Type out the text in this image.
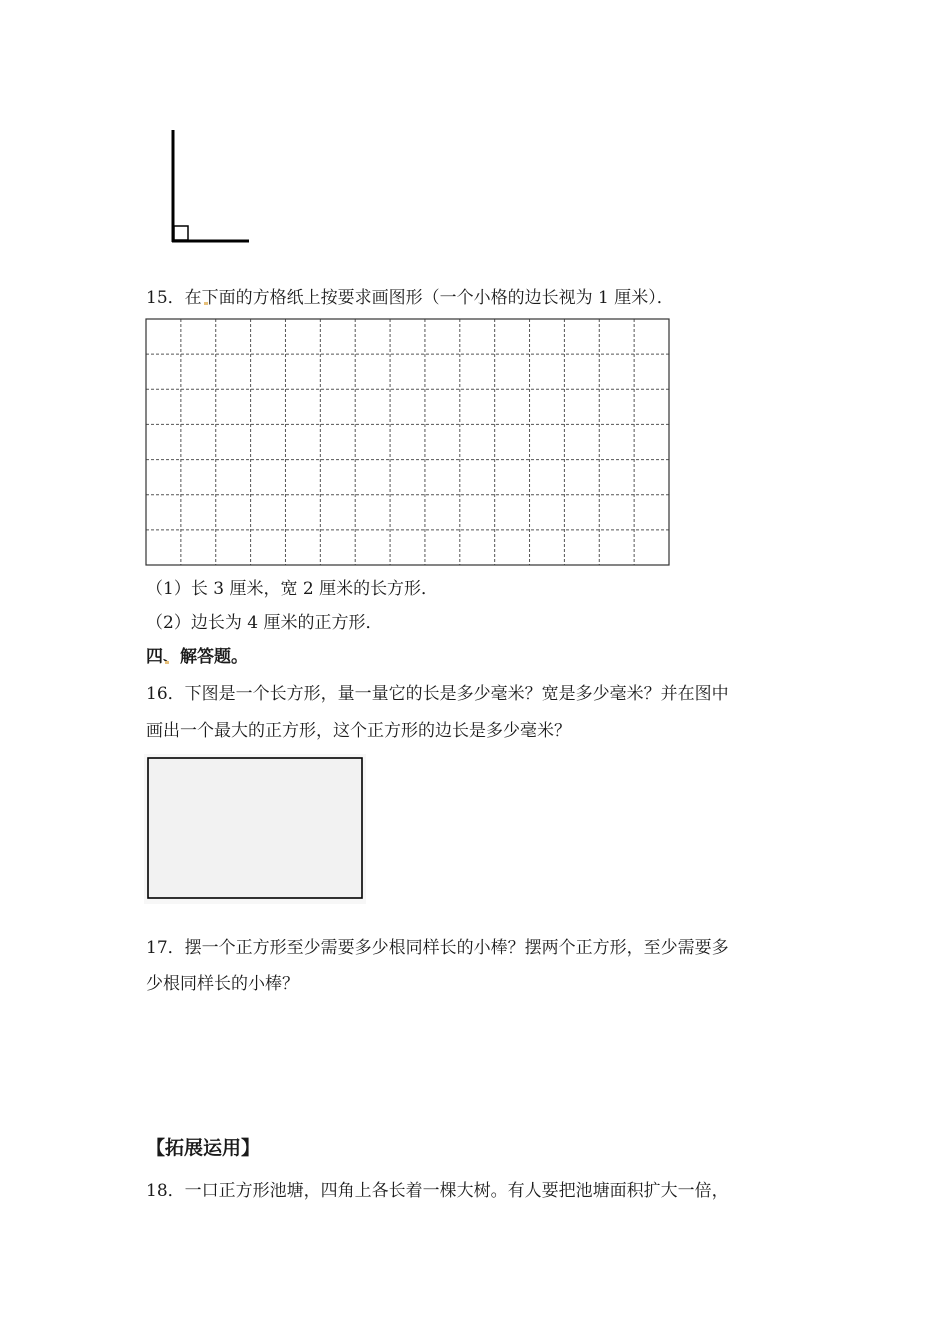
15．在下面的方格纸上按要求画图形（一个小格的边长视为 1 厘米）．
（1）长 3 厘米，宽 2 厘米的长方形．
（2）边长为 4 厘米的正方形．
四、解答题。
16．下图是一个长方形，量一量它的长是多少毫米？宽是多少毫米？并在图中
画出一个最大的正方形，这个正方形的边长是多少毫米？
17．摆一个正方形至少需要多少根同样长的小棒？摆两个正方形，至少需要多
少根同样长的小棒？
【拓展运用】
18．一口正方形池塘，四角上各长着一棵大树。有人要把池塘面积扩大一倍，
